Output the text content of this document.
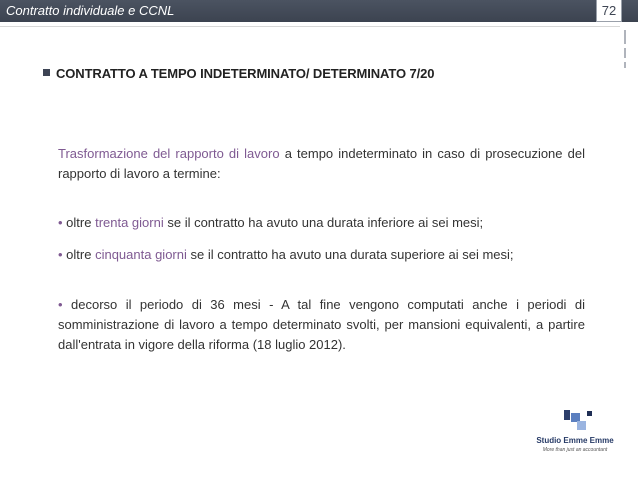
Contratto individuale e CCNL	72
CONTRATTO A TEMPO INDETERMINATO/ DETERMINATO 7/20
Trasformazione del rapporto di lavoro a tempo indeterminato in caso di prosecuzione del rapporto di lavoro a termine:
• oltre trenta giorni se il contratto ha avuto una durata inferiore ai sei mesi;
• oltre cinquanta giorni se il contratto ha avuto una durata superiore ai sei mesi;
• decorso il periodo di 36 mesi - A tal fine vengono computati anche i periodi di somministrazione di lavoro a tempo determinato svolti, per mansioni equivalenti, a partire dall'entrata in vigore della riforma (18 luglio 2012).
Studio Emme Emme
More than just an accountant
